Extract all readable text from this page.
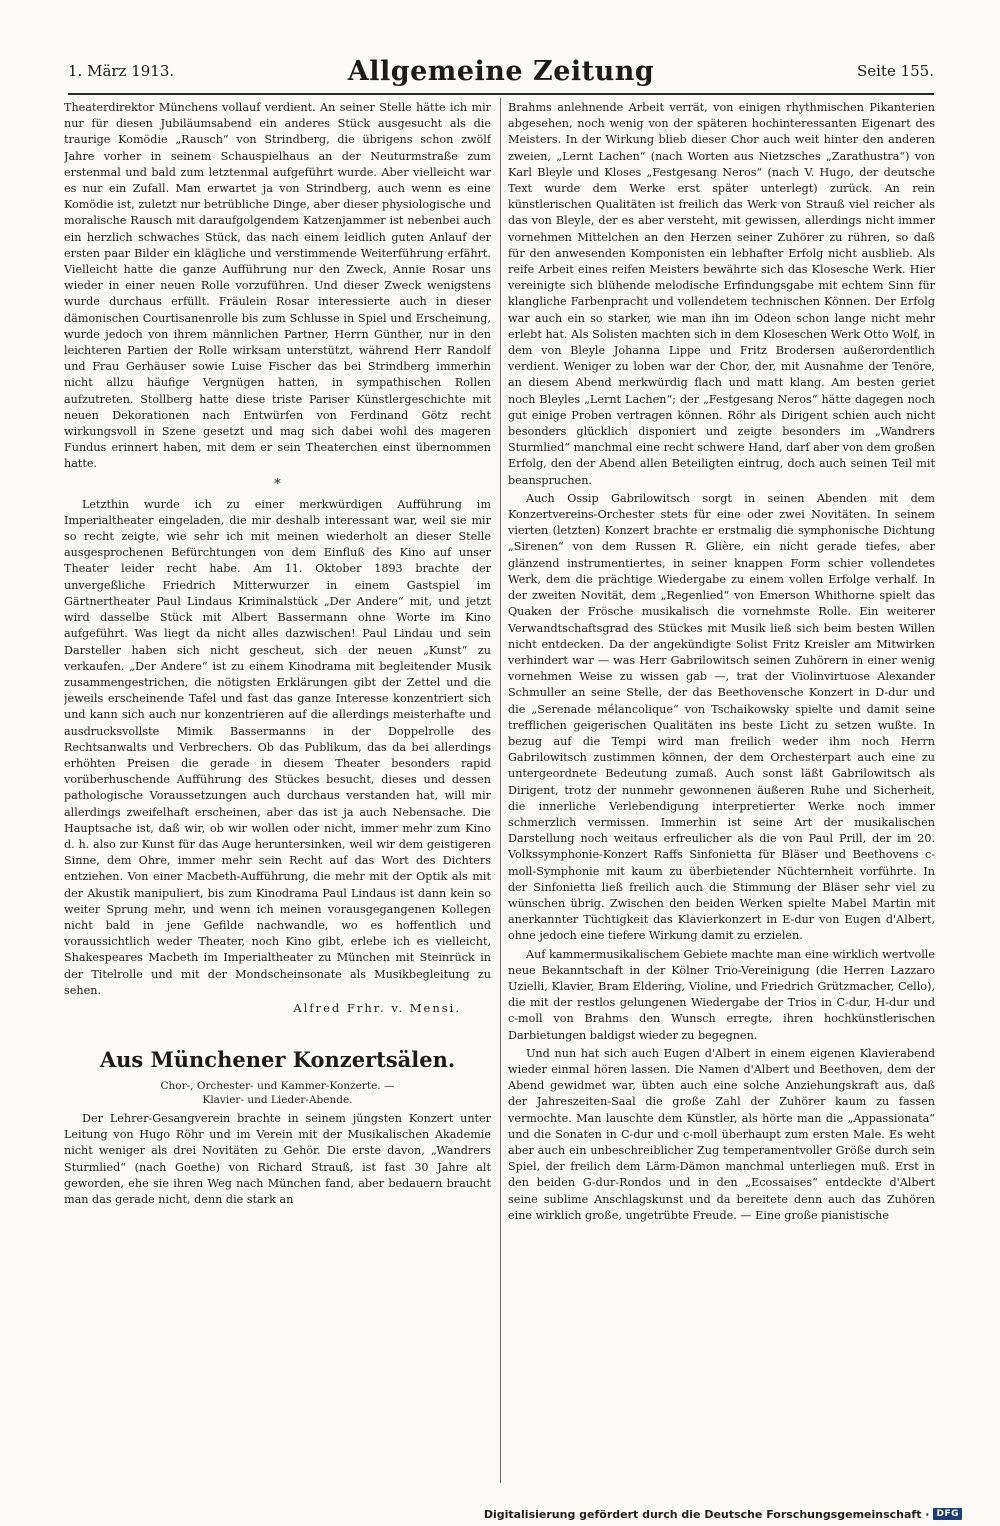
1. März 1913.	Allgemeine Zeitung	Seite 155.

Theaterdirektor Münchens vollauf verdient. An seiner Stelle hätte ich mir nur für diesen Jubiläumsabend ein anderes Stück ausgesucht als die traurige Komödie „Rausch“ von Strindberg, die übrigens schon zwölf Jahre vorher in seinem Schauspielhaus an der Neuturmstraße zum erstenmal und bald zum letztenmal aufgeführt wurde. Aber vielleicht war es nur ein Zufall. Man erwartet ja von Strindberg, auch wenn es eine Komödie ist, zuletzt nur betrübliche Dinge, aber dieser physiologische und moralische Rausch mit daraufgolgendem Katzenjammer ist nebenbei auch ein herzlich schwaches Stück, das nach einem leidlich guten Anlauf der ersten paar Bilder ein klägliche und verstimmende Weiterführung erfährt. Vielleicht hatte die ganze Aufführung nur den Zweck, Annie Rosar uns wieder in einer neuen Rolle vorzuführen. Und dieser Zweck wenigstens wurde durchaus erfüllt. Fräulein Rosar interessierte auch in dieser dämonischen Courtisanenrolle bis zum Schlusse in Spiel und Erscheinung, wurde jedoch von ihrem männlichen Partner, Herrn Günther, nur in den leichteren Partien der Rolle wirksam unterstützt, während Herr Randolf und Frau Gerhäuser sowie Luise Fischer das bei Strindberg immerhin nicht allzu häufige Vergnügen hatten, in sympathischen Rollen aufzutreten. Stollberg hatte diese triste Pariser Künstlergeschichte mit neuen Dekorationen nach Entwürfen von Ferdinand Götz recht wirkungsvoll in Szene gesetzt und mag sich dabei wohl des mageren Fundus erinnert haben, mit dem er sein Theaterchen einst übernommen hatte.

*

Letzthin wurde ich zu einer merkwürdigen Aufführung im Imperialtheater eingeladen, die mir deshalb interessant war, weil sie mir so recht zeigte, wie sehr ich mit meinen wiederholt an dieser Stelle ausgesprochenen Befürchtungen von dem Einfluß des Kino auf unser Theater leider recht habe. Am 11. Oktober 1893 brachte der unvergeßliche Friedrich Mitterwurzer in einem Gastspiel im Gärtnertheater Paul Lindaus Kriminalstück „Der Andere“ mit, und jetzt wird dasselbe Stück mit Albert Bassermann ohne Worte im Kino aufgeführt. Was liegt da nicht alles dazwischen! Paul Lindau und sein Darsteller haben sich nicht gescheut, sich der neuen „Kunst“ zu verkaufen. „Der Andere“ ist zu einem Kinodrama mit begleitender Musik zusammengestrichen, die nötigsten Erklärungen gibt der Zettel und die jeweils erscheinende Tafel und fast das ganze Interesse konzentriert sich und kann sich auch nur konzentrieren auf die allerdings meisterhafte und ausdrucksvollste Mimik Bassermanns in der Doppelrolle des Rechtsanwalts und Verbrechers. Ob das Publikum, das da bei allerdings erhöhten Preisen die gerade in diesem Theater besonders rapid vorüberhuschende Aufführung des Stückes besucht, dieses und dessen pathologische Voraussetzungen auch durchaus verstanden hat, will mir allerdings zweifelhaft erscheinen, aber das ist ja auch Nebensache. Die Hauptsache ist, daß wir, ob wir wollen oder nicht, immer mehr zum Kino d. h. also zur Kunst für das Auge heruntersinken, weil wir dem geistigeren Sinne, dem Ohre, immer mehr sein Recht auf das Wort des Dichters entziehen. Von einer Macbeth-Aufführung, die mehr mit der Optik als mit der Akustik manipuliert, bis zum Kinodrama Paul Lindaus ist dann kein so weiter Sprung mehr, und wenn ich meinen vorausgegangenen Kollegen nicht bald in jene Gefilde nachwandle, wo es hoffentlich und voraussichtlich weder Theater, noch Kino gibt, erlebe ich es vielleicht, Shakespeares Macbeth im Imperialtheater zu München mit Steinrück in der Titelrolle und mit der Mondscheinsonate als Musikbegleitung zu sehen.

Alfred Frhr. v. Mensi.

Aus Münchener Konzertsälen.
Chor-, Orchester- und Kammer-Konzerte. —
Klavier- und Lieder-Abende.

Der Lehrer-Gesangverein brachte in seinem jüngsten Konzert unter Leitung von Hugo Röhr und im Verein mit der Musikalischen Akademie nicht weniger als drei Novitäten zu Gehör. Die erste davon, „Wandrers Sturmlied“ (nach Goethe) von Richard Strauß, ist fast 30 Jahre alt geworden, ehe sie ihren Weg nach München fand, aber bedauern braucht man das gerade nicht, denn die stark an

Brahms anlehnende Arbeit verrät, von einigen rhythmischen Pikanterien abgesehen, noch wenig von der späteren hochinteressanten Eigenart des Meisters. In der Wirkung blieb dieser Chor auch weit hinter den anderen zweien, „Lernt Lachen“ (nach Worten aus Nietzsches „Zarathustra“) von Karl Bleyle und Kloses „Festgesang Neros“ (nach V. Hugo, der deutsche Text wurde dem Werke erst später unterlegt) zurück. An rein künstlerischen Qualitäten ist freilich das Werk von Strauß viel reicher als das von Bleyle, der es aber versteht, mit gewissen, allerdings nicht immer vornehmen Mittelchen an den Herzen seiner Zuhörer zu rühren, so daß für den anwesenden Komponisten ein lebhafter Erfolg nicht ausblieb. Als reife Arbeit eines reifen Meisters bewährte sich das Klosesche Werk. Hier vereinigte sich blühende melodische Erfindungsgabe mit echtem Sinn für klangliche Farbenpracht und vollendetem technischen Können. Der Erfolg war auch ein so starker, wie man ihn im Odeon schon lange nicht mehr erlebt hat. Als Solisten machten sich in dem Kloseschen Werk Otto Wolf, in dem von Bleyle Johanna Lippe und Fritz Brodersen außerordentlich verdient. Weniger zu loben war der Chor, der, mit Ausnahme der Tenöre, an diesem Abend merkwürdig flach und matt klang. Am besten geriet noch Bleyles „Lernt Lachen“; der „Festgesang Neros“ hätte dagegen noch gut einige Proben vertragen können. Röhr als Dirigent schien auch nicht besonders glücklich disponiert und zeigte besonders im „Wandrers Sturmlied“ manchmal eine recht schwere Hand, darf aber von dem großen Erfolg, den der Abend allen Beteiligten eintrug, doch auch seinen Teil mit beanspruchen.

Auch Ossip Gabrilowitsch sorgt in seinen Abenden mit dem Konzertvereins-Orchester stets für eine oder zwei Novitäten. In seinem vierten (letzten) Konzert brachte er erstmalig die symphonische Dichtung „Sirenen“ von dem Russen R. Glière, ein nicht gerade tiefes, aber glänzend instrumentiertes, in seiner knappen Form schier vollendetes Werk, dem die prächtige Wiedergabe zu einem vollen Erfolge verhalf. In der zweiten Novität, dem „Regenlied“ von Emerson Whithorne spielt das Quaken der Frösche musikalisch die vornehmste Rolle. Ein weiterer Verwandtschaftsgrad des Stückes mit Musik ließ sich beim besten Willen nicht entdecken. Da der angekündigte Solist Fritz Kreisler am Mitwirken verhindert war — was Herr Gabrilowitsch seinen Zuhörern in einer wenig vornehmen Weise zu wissen gab —, trat der Violinvirtuose Alexander Schmuller an seine Stelle, der das Beethovensche Konzert in D-dur und die „Serenade mélancolique“ von Tschaikowsky spielte und damit seine trefflichen geigerischen Qualitäten ins beste Licht zu setzen wußte. In bezug auf die Tempi wird man freilich weder ihm noch Herrn Gabrilowitsch zustimmen können, der dem Orchesterpart auch eine zu untergeordnete Bedeutung zumaß. Auch sonst läßt Gabrilowitsch als Dirigent, trotz der nunmehr gewonnenen äußeren Ruhe und Sicherheit, die innerliche Verlebendigung interpretierter Werke noch immer schmerzlich vermissen. Immerhin ist seine Art der musikalischen Darstellung noch weitaus erfreulicher als die von Paul Prill, der im 20. Volkssymphonie-Konzert Raffs Sinfonietta für Bläser und Beethovens c-moll-Symphonie mit kaum zu überbietender Nüchternheit vorführte. In der Sinfonietta ließ freilich auch die Stimmung der Bläser sehr viel zu wünschen übrig. Zwischen den beiden Werken spielte Mabel Martin mit anerkannter Tüchtigkeit das Klavierkonzert in E-dur von Eugen d'Albert, ohne jedoch eine tiefere Wirkung damit zu erzielen.

Auf kammermusikalischem Gebiete machte man eine wirklich wertvolle neue Bekanntschaft in der Kölner Trio-Vereinigung (die Herren Lazzaro Uzielli, Klavier, Bram Eldering, Violine, und Friedrich Grützmacher, Cello), die mit der restlos gelungenen Wiedergabe der Trios in C-dur, H-dur und c-moll von Brahms den Wunsch erregte, ihren hochkünstlerischen Darbietungen baldigst wieder zu begegnen.

Und nun hat sich auch Eugen d'Albert in einem eigenen Klavierabend wieder einmal hören lassen. Die Namen d'Albert und Beethoven, dem der Abend gewidmet war, übten auch eine solche Anziehungskraft aus, daß der Jahreszeiten-Saal die große Zahl der Zuhörer kaum zu fassen vermochte. Man lauschte dem Künstler, als hörte man die „Appassionata“ und die Sonaten in C-dur und c-moll überhaupt zum ersten Male. Es weht aber auch ein unbeschreiblicher Zug temperamentvoller Größe durch sein Spiel, der freilich dem Lärm-Dämon manchmal unterliegen muß. Erst in den beiden G-dur-Rondos und in den „Ecossaises“ entdeckte d'Albert seine sublime Anschlagskunst und da bereitete denn auch das Zuhören eine wirklich große, ungetrübte Freude. — Eine große pianistische

Digitalisierung gefördert durch die Deutsche Forschungsgemeinschaft · DFG
